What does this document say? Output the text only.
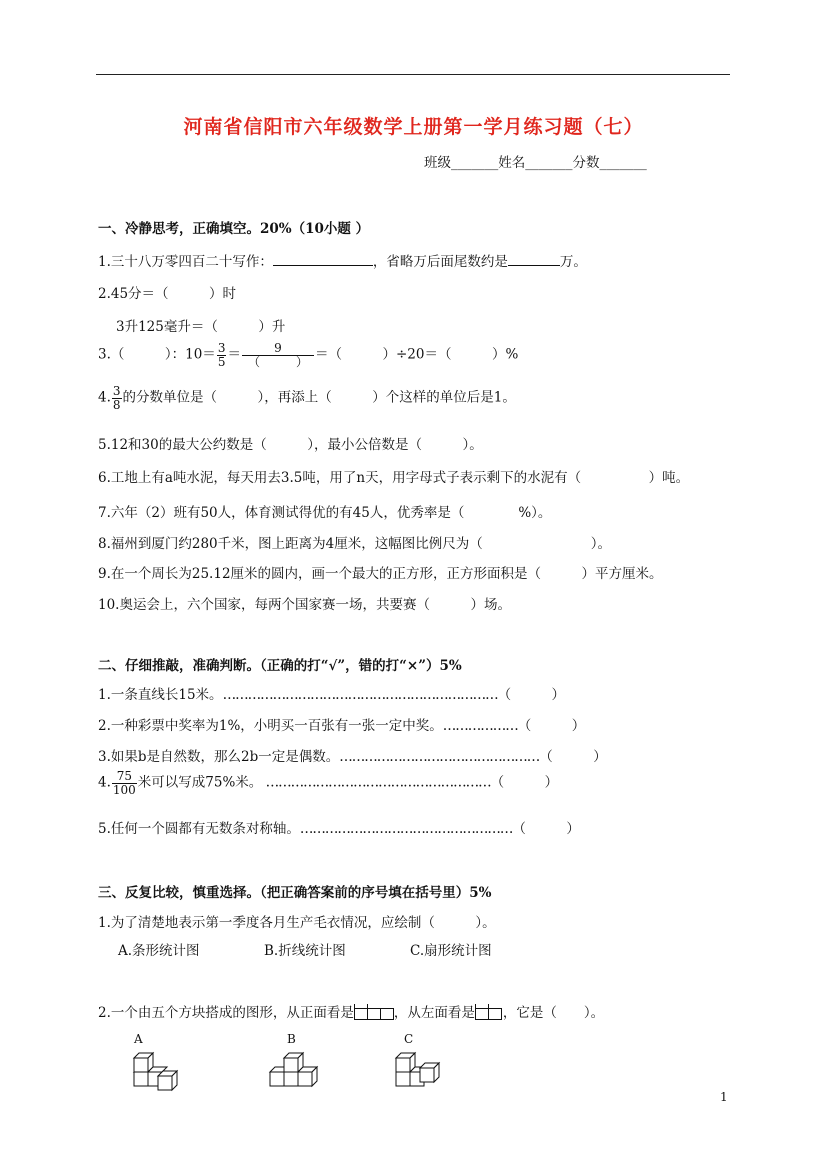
河南省信阳市六年级数学上册第一学月练习题（七）
班级_______姓名_______分数_______
一、冷静思考，正确填空。20%（10小题 ）
1.三十八万零四百二十写作：	，省略万后面尾数约是	万。
2.45分＝（　　　）时
3升125毫升＝（　　　）升
3.（　　　）：$10= \frac{3}{5} = \frac{9}{( )}$ ＝（　　　）÷20＝（　　　）%
4. $\frac{3}{8}$ 的分数单位是（　　　），再添上（　　　）个这样的单位后是1。
5.12和30的最大公约数是（　　　），最小公倍数是（　　　）。
6.工地上有a吨水泥，每天用去3.5吨，用了n天，用字母式子表示剩下的水泥有（　　　　　）吨。
7.六年（2）班有50人，体育测试得优的有45人，优秀率是（　　　　%）。
8.福州到厦门约280千米，图上距离为4厘米，这幅图比例尺为（　　　　　　　　）。
9.在一个周长为25.12厘米的圆内，画一个最大的正方形，正方形面积是（　　　）平方厘米。
10.奥运会上，六个国家，每两个国家赛一场，共要赛（　　　）场。
二、仔细推敲，准确判断。（正确的打“√”，错的打“×”）5%
1.一条直线长15米。…………………………………………………………（　　　）
2.一种彩票中奖率为1%，小明买一百张有一张一定中奖。………………（　　　）
3.如果b是自然数，那么2b一定是偶数。…………………………………………（　　　）
4. $\frac{75}{100}$ 米可以写成75%米。 ………………………………………………（　　　）
5.任何一个圆都有无数条对称轴。……………………………………………（　　　）
三、反复比较，慎重选择。（把正确答案前的序号填在括号里）5%
1.为了清楚地表示第一季度各月生产毛衣情况，应绘制（　　　）。
A.条形统计图	B.折线统计图	C.扇形统计图
2.一个由五个方块搭成的图形，从正面看是	，从左面看是 ，它是（　　）。
A	B	C
1
